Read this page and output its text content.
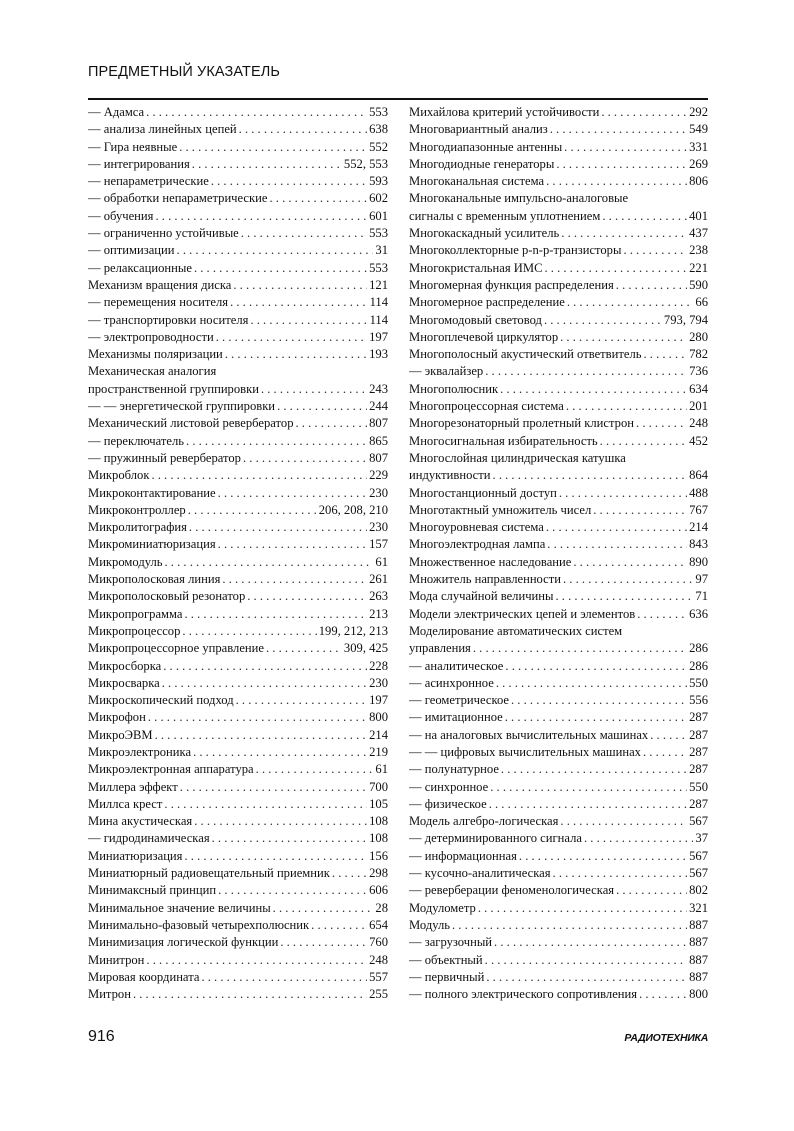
ПРЕДМЕТНЫЙ УКАЗАТЕЛЬ
— Адамса . . .	553
— анализа линейных цепей . . .	638
— Гира неявные . . .	552
— интегрирования . . .	552, 553
— непараметрические . . .	593
— обработки непараметрические . . .	602
— обучения . . .	601
— ограниченно устойчивые . . .	553
— оптимизации . . .	31
— релаксационные . . .	553
Механизм вращения диска . . .	121
— перемещения носителя . . .	114
— транспортировки носителя . . .	114
— электропроводности . . .	197
Механизмы поляризации . . .	193
Механическая аналогия
пространственной группировки . . .	243
— — энергетической группировки . . .	244
Механический листовой ревербератор . . .	807
— переключатель . . .	865
— пружинный ревербератор . . .	807
Микроблок . . .	229
Микроконтактирование . . .	230
Микроконтроллер . . .	206, 208, 210
Микролитография . . .	230
Микроминиатюризация . . .	157
Микромодуль . . .	61
Микрополосковая линия . . .	261
Микрополосковый резонатор . . .	263
Микропрограмма . . .	213
Микропроцессор . . .	199, 212, 213
Микропроцессорное управление . . .	309, 425
Микросборка . . .	228
Микросварка . . .	230
Микроскопический подход . . .	197
Микрофон . . .	800
МикроЭВМ . . .	214
Микроэлектроника . . .	219
Микроэлектронная аппаратура . . .	61
Миллера эффект . . .	700
Миллса крест . . .	105
Мина акустическая . . .	108
— гидродинамическая . . .	108
Миниатюризация . . .	156
Миниатюрный радиовещательный приемник . . .	298
Минимаксный принцип . . .	606
Минимальное значение величины . . .	28
Минимально-фазовый четырехполюсник . . .	654
Минимизация логической функции . . .	760
Минитрон . . .	248
Мировая координата . . .	557
Митрон . . .	255
Михайлова критерий устойчивости . . .	292
Многовариантный анализ . . .	549
Многодиапазонные антенны . . .	331
Многодиодные генераторы . . .	269
Многоканальная система . . .	806
Многоканальные импульсно-аналоговые
сигналы с временным уплотнением . . .	401
Многокаскадный усилитель . . .	437
Многоколлекторные p-n-p-транзисторы . . .	238
Многокристальная ИМС . . .	221
Многомерная функция распределения . . .	590
Многомерное распределение . . .	66
Многомодовый световод . . .	793, 794
Многоплечевой циркулятор . . .	280
Многополосный акустический ответвитель . . .	782
— эквалайзер . . .	736
Многополюсник . . .	634
Многопроцессорная система . . .	201
Многорезонаторный пролетный клистрон . . .	248
Многосигнальная избирательность . . .	452
Многослойная цилиндрическая катушка
индуктивности . . .	864
Многостанционный доступ . . .	488
Многотактный умножитель чисел . . .	767
Многоуровневая система . . .	214
Многоэлектродная лампа . . .	843
Множественное наследование . . .	890
Множитель направленности . . .	97
Мода случайной величины . . .	71
Модели электрических цепей и элементов . . .	636
Моделирование автоматических систем
управления . . .	286
— аналитическое . . .	286
— асинхронное . . .	550
— геометрическое . . .	556
— имитационное . . .	287
— на аналоговых вычислительных машинах . . .	287
— — цифровых вычислительных машинах . . .	287
— полунатурное . . .	287
— синхронное . . .	550
— физическое . . .	287
Модель алгебро-логическая . . .	567
— детерминированного сигнала . . .	37
— информационная . . .	567
— кусочно-аналитическая . . .	567
— реверберации феноменологическая . . .	802
Модулометр . . .	321
Модуль . . .	887
— загрузочный . . .	887
— объектный . . .	887
— первичный . . .	887
— полного электрического сопротивления . . .	800
916	РАДИОТЕХНИКА
